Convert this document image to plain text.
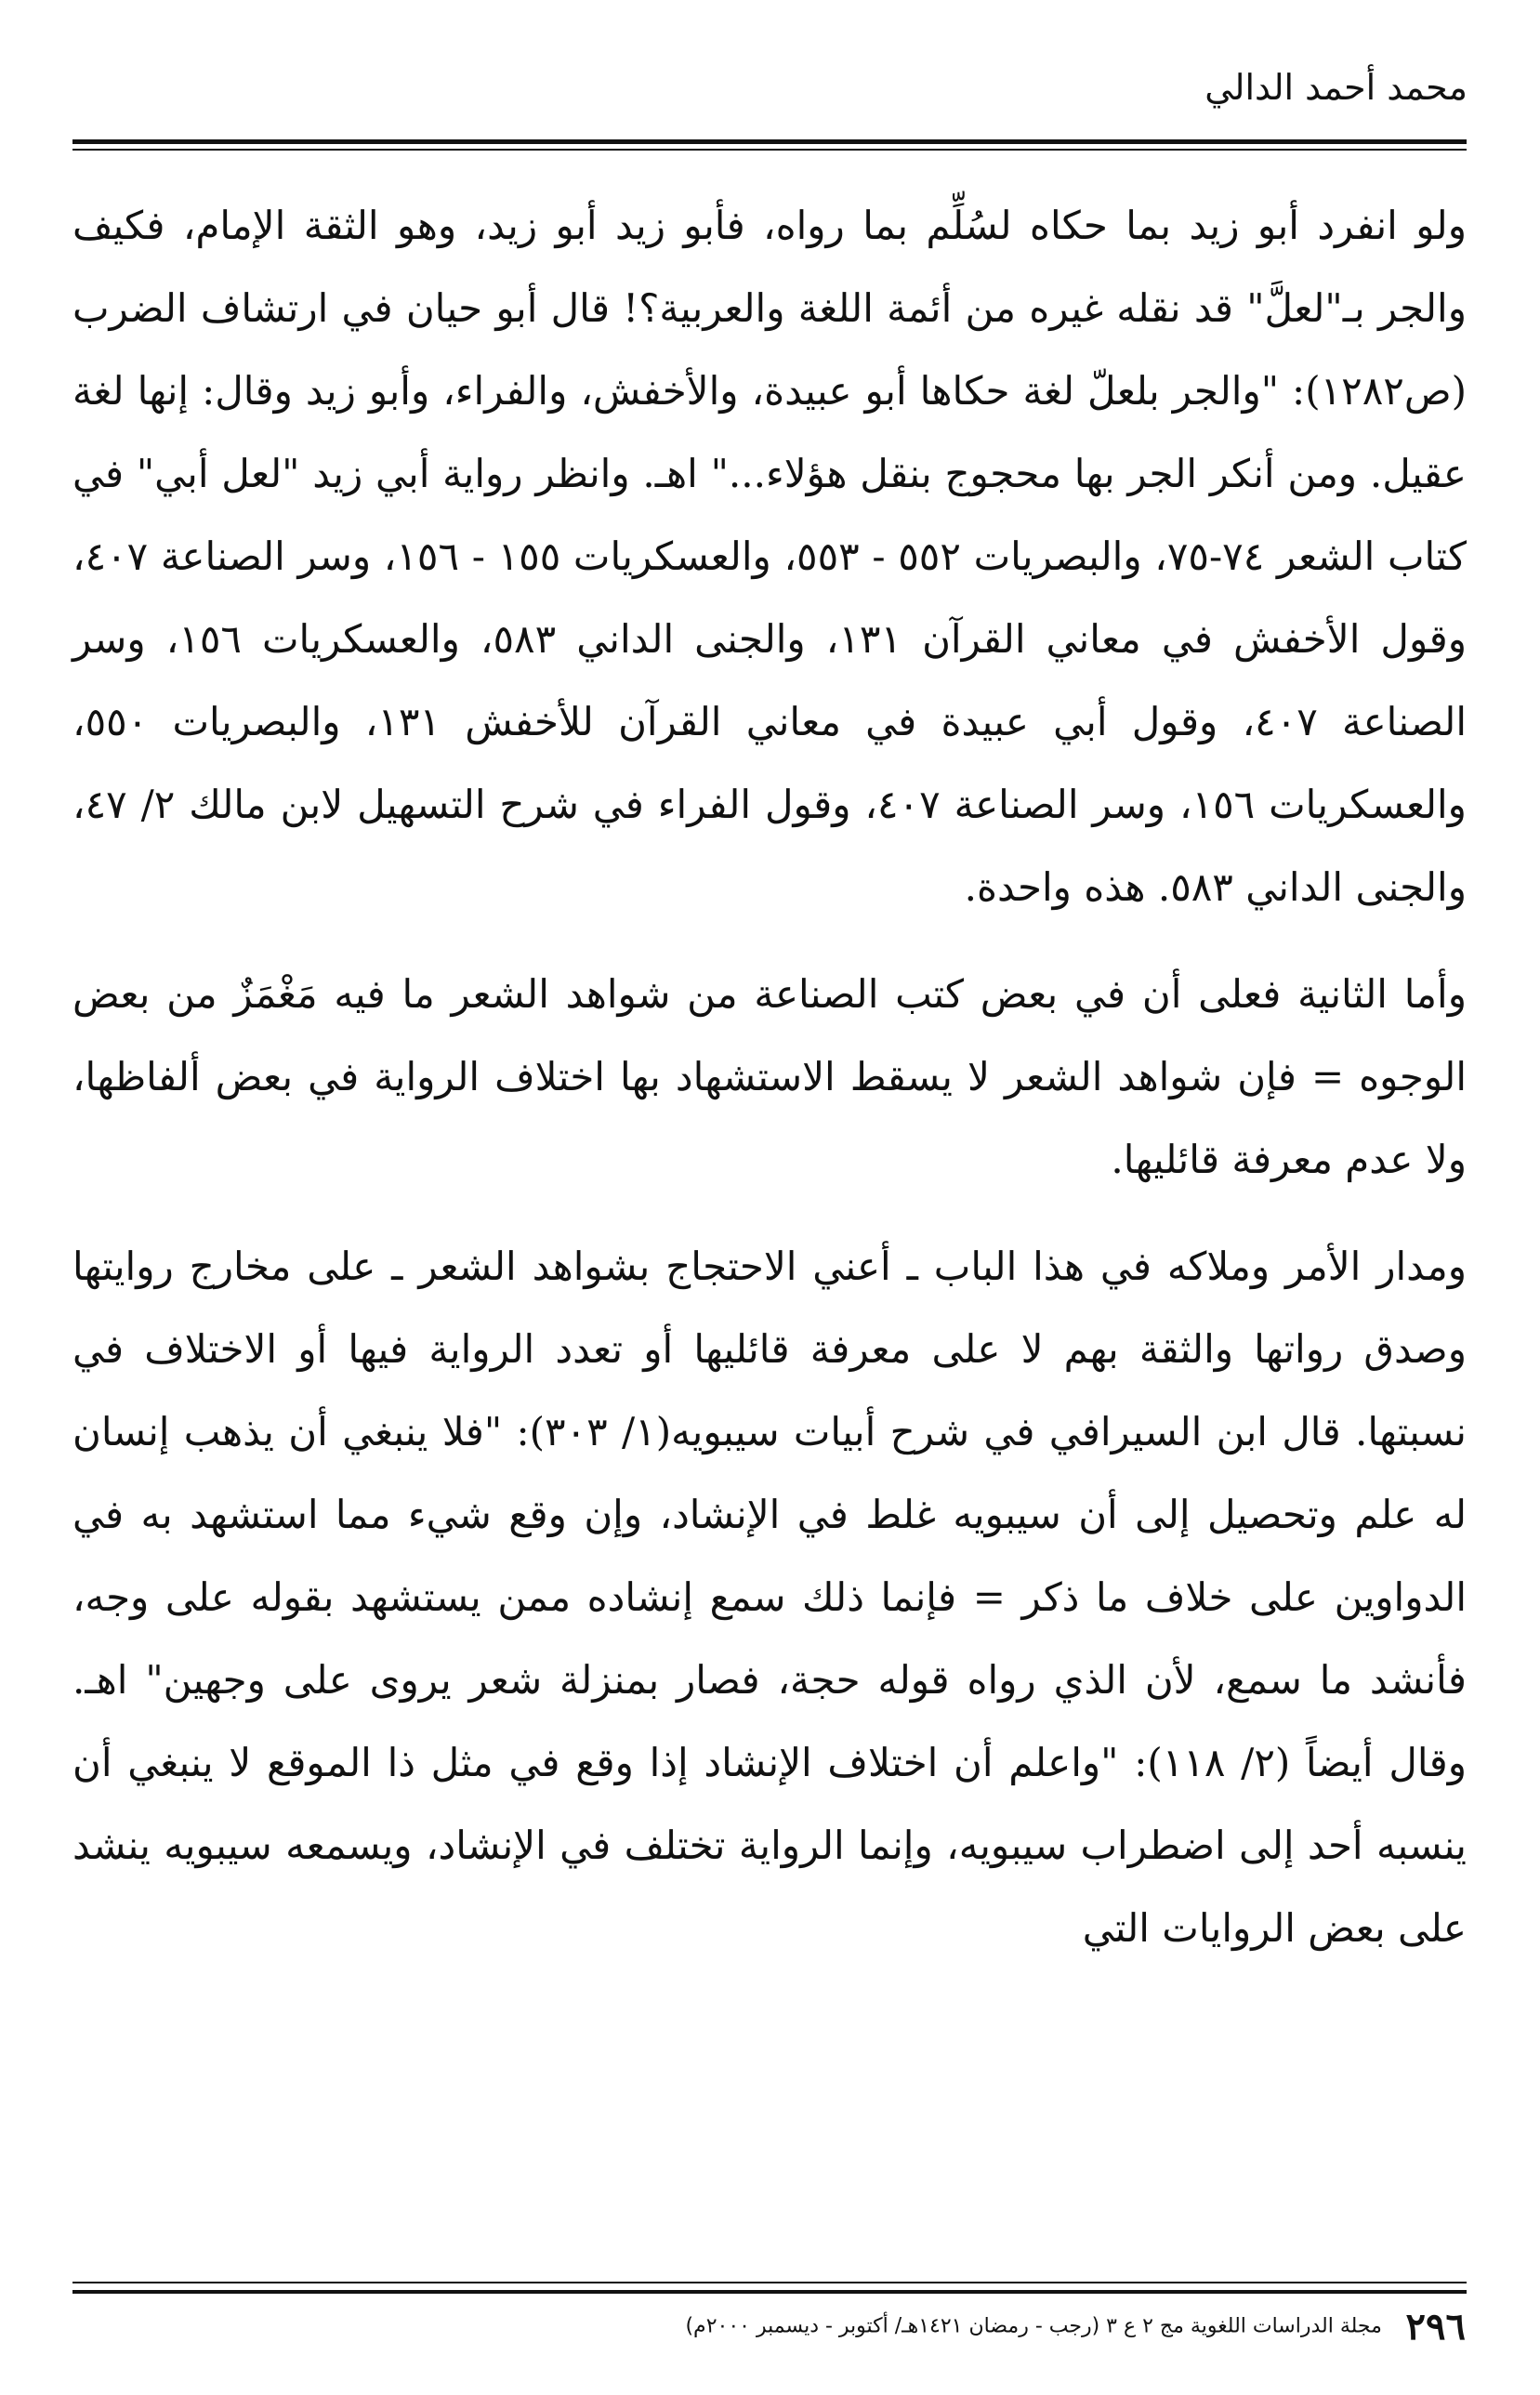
محمد أحمد الدالي

ولو انفرد أبو زيد بما حكاه لسُلِّم بما رواه، فأبو زيد أبو زيد، وهو الثقة الإمام، فكيف والجر بـ"لعلَّ" قد نقله غيره من أئمة اللغة والعربية؟! قال أبو حيان في ارتشاف الضرب (ص١٢٨٢): "والجر بلعلّ لغة حكاها أبو عبيدة، والأخفش، والفراء، وأبو زيد وقال: إنها لغة عقيل. ومن أنكر الجر بها محجوج بنقل هؤلاء..." اهـ. وانظر رواية أبي زيد "لعل أبي" في كتاب الشعر ٧٤-٧٥، والبصريات ٥٥٢ - ٥٥٣، والعسكريات ١٥٥ - ١٥٦، وسر الصناعة ٤٠٧، وقول الأخفش في معاني القرآن ١٣١، والجنى الداني ٥٨٣، والعسكريات ١٥٦، وسر الصناعة ٤٠٧، وقول أبي عبيدة في معاني القرآن للأخفش ١٣١، والبصريات ٥٥٠، والعسكريات ١٥٦، وسر الصناعة ٤٠٧، وقول الفراء في شرح التسهيل لابن مالك ٢/ ٤٧، والجنى الداني ٥٨٣. هذه واحدة.

وأما الثانية فعلى أن في بعض كتب الصناعة من شواهد الشعر ما فيه مَغْمَزٌ من بعض الوجوه = فإن شواهد الشعر لا يسقط الاستشهاد بها اختلاف الرواية في بعض ألفاظها، ولا عدم معرفة قائليها.

ومدار الأمر وملاكه في هذا الباب ـ أعني الاحتجاج بشواهد الشعر ـ على مخارج روايتها وصدق رواتها والثقة بهم لا على معرفة قائليها أو تعدد الرواية فيها أو الاختلاف في نسبتها. قال ابن السيرافي في شرح أبيات سيبويه(١/ ٣٠٣): "فلا ينبغي أن يذهب إنسان له علم وتحصيل إلى أن سيبويه غلط في الإنشاد، وإن وقع شيء مما استشهد به في الدواوين على خلاف ما ذكر = فإنما ذلك سمع إنشاده ممن يستشهد بقوله على وجه، فأنشد ما سمع، لأن الذي رواه قوله حجة، فصار بمنزلة شعر يروى على وجهين" اهـ. وقال أيضاً (٢/ ١١٨): "واعلم أن اختلاف الإنشاد إذا وقع في مثل ذا الموقع لا ينبغي أن ينسبه أحد إلى اضطراب سيبويه، وإنما الرواية تختلف في الإنشاد، ويسمعه سيبويه ينشد على بعض الروايات التي

٢٩٦ مجلة الدراسات اللغوية مج ٢ ع ٣ (رجب - رمضان ١٤٢١هـ/ أكتوبر - ديسمبر ٢٠٠٠م)
